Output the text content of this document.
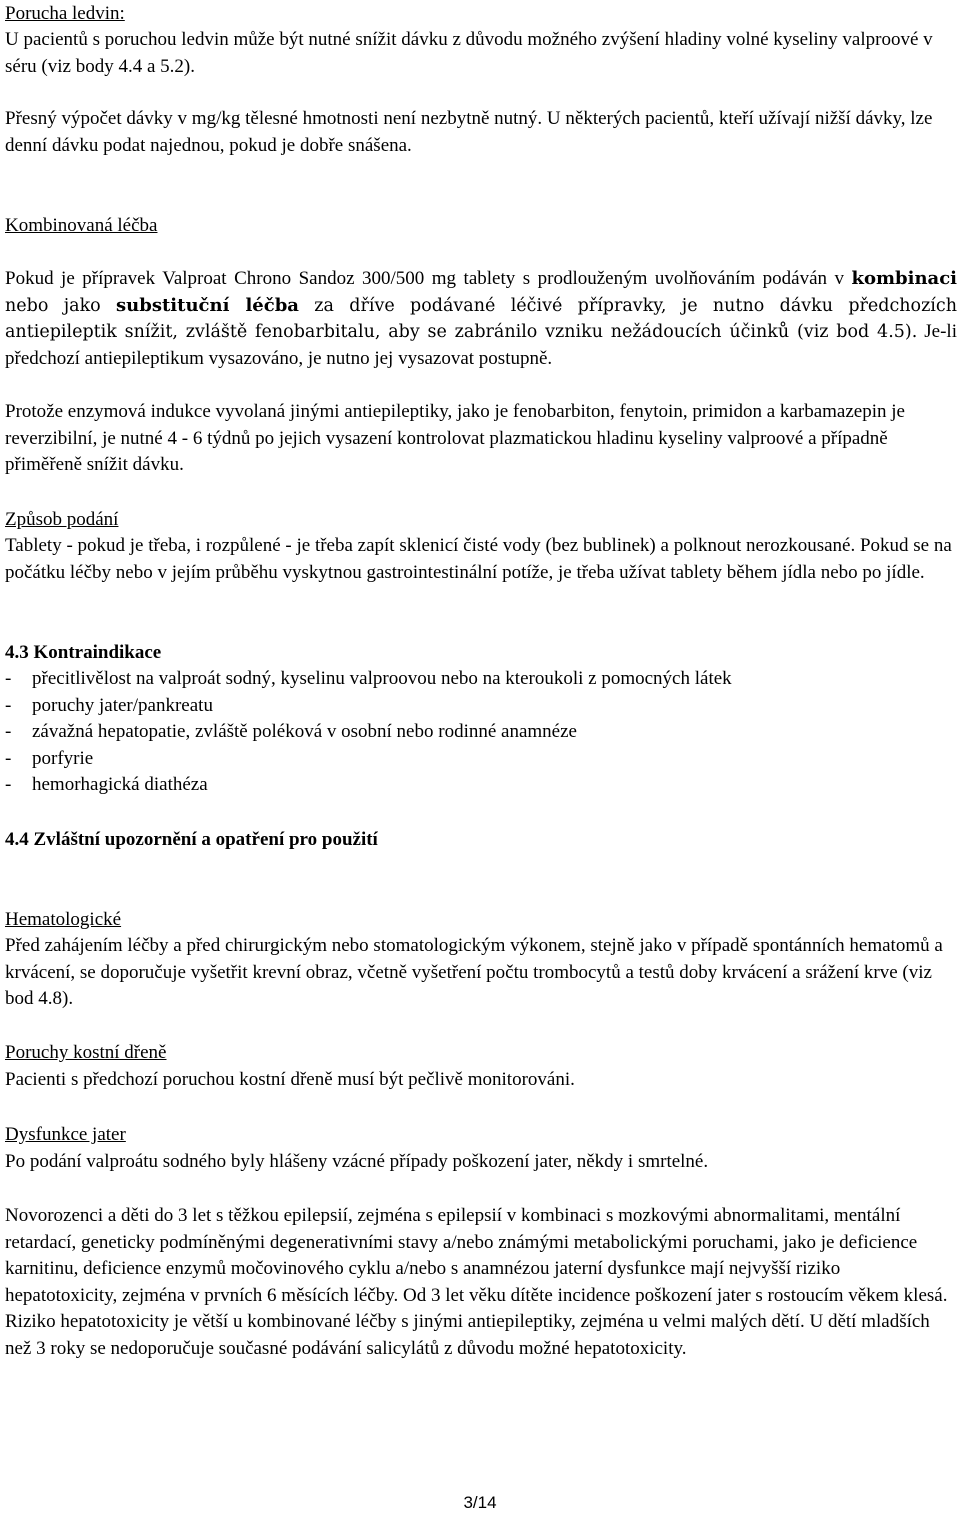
Porucha ledvin:

U pacientů s poruchou ledvin může být nutné snížit dávku z důvodu možného zvýšení hladiny volné kyseliny valproové v séru (viz body 4.4 a 5.2).

Přesný výpočet dávky v mg/kg tělesné hmotnosti není nezbytně nutný. U některých pacientů, kteří užívají nižší dávky, lze denní dávku podat najednou, pokud je dobře snášena.

Kombinovaná léčba

Pokud je přípravek Valproat Chrono Sandoz 300/500 mg tablety s prodlouženým uvolňováním podáván v kombinaci nebo jako substituční léčba za dříve podávané léčivé přípravky, je nutno dávku předchozích antiepileptik snížit, zvláště fenobarbitalu, aby se zabránilo vzniku nežádoucích účinků (viz bod 4.5). Je-li předchozí antiepileptikum vysazováno, je nutno jej vysazovat postupně.

Protože enzymová indukce vyvolaná jinými antiepileptiky, jako je fenobarbiton, fenytoin, primidon a karbamazepin je reverzibilní, je nutné 4 - 6 týdnů po jejich vysazení kontrolovat plazmatickou hladinu kyseliny valproové a případně přiměřeně snížit dávku.

Způsob podání

Tablety - pokud je třeba, i rozpůlené - je třeba zapít sklenicí čisté vody (bez bublinek) a polknout nerozkousané. Pokud se na počátku léčby nebo v jejím průběhu vyskytnou gastrointestinální potíže, je třeba užívat tablety během jídla nebo po jídle.

4.3 Kontraindikace
-	přecitlivělost na valproát sodný, kyselinu valproovou nebo na kteroukoli z pomocných látek
-	poruchy jater/pankreatu
-	závažná hepatopatie, zvláště poléková v osobní nebo rodinné anamnéze
-	porfyrie
-	hemorhagická diathéza
4.4 Zvláštní upozornění a opatření pro použití

Hematologické

Před zahájením léčby a před chirurgickým nebo stomatologickým výkonem, stejně jako v případě spontánních hematomů a krvácení, se doporučuje vyšetřit krevní obraz, včetně vyšetření počtu trombocytů a testů doby krvácení a srážení krve (viz bod 4.8).

Poruchy kostní dřeně

Pacienti s předchozí poruchou kostní dřeně musí být pečlivě monitorováni.

Dysfunkce jater

Po podání valproátu sodného byly hlášeny vzácné případy poškození jater, někdy i smrtelné.

Novorozenci a děti do 3 let s těžkou epilepsií, zejména s epilepsií v kombinaci s mozkovými abnormalitami, mentální retardací, geneticky podmíněnými degenerativními stavy a/nebo známými metabolickými poruchami, jako je deficience karnitinu, deficience enzymů močovinového cyklu a/nebo s anamnézou jaterní dysfunkce mají nejvyšší riziko hepatotoxicity, zejména v prvních 6 měsících léčby. Od 3 let věku dítěte incidence poškození jater s rostoucím věkem klesá. Riziko hepatotoxicity je větší u kombinované léčby s jinými antiepileptiky, zejména u velmi malých dětí. U dětí mladších než 3 roky se nedoporučuje současné podávání salicylátů z důvodu možné hepatotoxicity.

3/14
